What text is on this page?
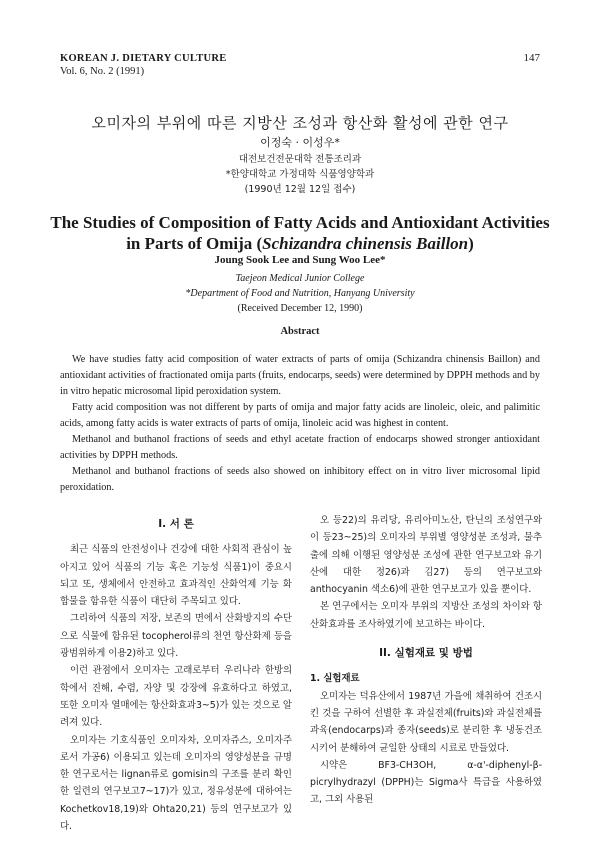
KOREAN J. DIETARY CULTURE
Vol. 6, No. 2 (1991)
147
오미자의 부위에 따른 지방산 조성과 항산화 활성에 관한 연구
이정숙 · 이성우*
대전보건전문대학 전통조리과
*한양대학교 가정대학 식품영양학과
(1990년 12월 12일 접수)
The Studies of Composition of Fatty Acids and Antioxidant Activities
in Parts of Omija (Schizandra chinensis Baillon)
Joung Sook Lee and Sung Woo Lee*
Taejeon Medical Junior College
*Department of Food and Nutrition, Hanyang University
(Received December 12, 1990)
Abstract

We have studies fatty acid composition of water extracts of parts of omija (Schizandra chinensis Baillon) and antioxidant activities of fractionated omija parts (fruits, endocarps, seeds) were determined by DPPH methods and by in vitro hepatic microsomal lipid peroxidation system.

Fatty acid composition was not different by parts of omija and major fatty acids are linoleic, oleic, and palimitic acids, among fatty acids is water extracts of parts of omija, linoleic acid was highest in content.

Methanol and buthanol fractions of seeds and ethyl acetate fraction of endocarps showed stronger antioxidant activities by DPPH methods.

Methanol and buthanol fractions of seeds also showed on inhibitory effect on in vitro liver microsomal lipid peroxidation.

I. 서 론

최근 식품의 안전성이나 건강에 대한 사회적 관심이 높아지고 있어 식품의 기능 혹은 기능성 식품1)이 중요시 되고 또, 생체에서 안전하고 효과적인 산화억제 기능 화합물을 함유한 식품이 대단히 주목되고 있다.

그리하여 식품의 저장, 보존의 면에서 산화방지의 수단으로 식물에 함유된 tocopherol류의 천연 항산화제 등을 광범위하게 이용2)하고 있다.

이런 관점에서 오미자는 고래로부터 우리나라 한방의학에서 진해, 수렴, 자양 및 강장에 유효하다고 하였고, 또한 오미자 열매에는 항산화효과3~5)가 있는 것으로 알려져 있다.

오미자는 기호식품인 오미자차, 오미자쥬스, 오미자주로서 가공6) 이용되고 있는데 오미자의 영양성분을 규명한 연구로서는 lignan류로 gomisin의 구조를 분리 확인한 일련의 연구보고7~17)가 있고, 정유성분에 대하여는 Kochetkov18,19)와 Ohta20,21) 등의 연구보고가 있다.

오 등22)의 유리당, 유리아미노산, 탄닌의 조성연구와 이 등23~25)의 오미자의 부위별 영양성분 조성과, 물추출에 의해 이행된 영양성분 조성에 관한 연구보고와 유기산에 대한 정26)과 김27) 등의 연구보고와 anthocyanin 색소6)에 관한 연구보고가 있을 뿐이다.

본 연구에서는 오미자 부위의 지방산 조성의 차이와 항산화효과를 조사하였기에 보고하는 바이다.

II. 실험재료 및 방법
1. 실험재료

오미자는 덕유산에서 1987년 가을에 채취하여 건조시킨 것을 구하여 선별한 후 과실전체(fruits)와 과실전체를 과육(endocarps)과 종자(seeds)로 분리한 후 냉동건조시키어 분해하여 균일한 상태의 시료로 만들었다.

시약은 BF3-CH3OH, α-α'-diphenyl-β-picrylhydrazyl (DPPH)는 Sigma사 특급을 사용하였고, 그외 사용된
